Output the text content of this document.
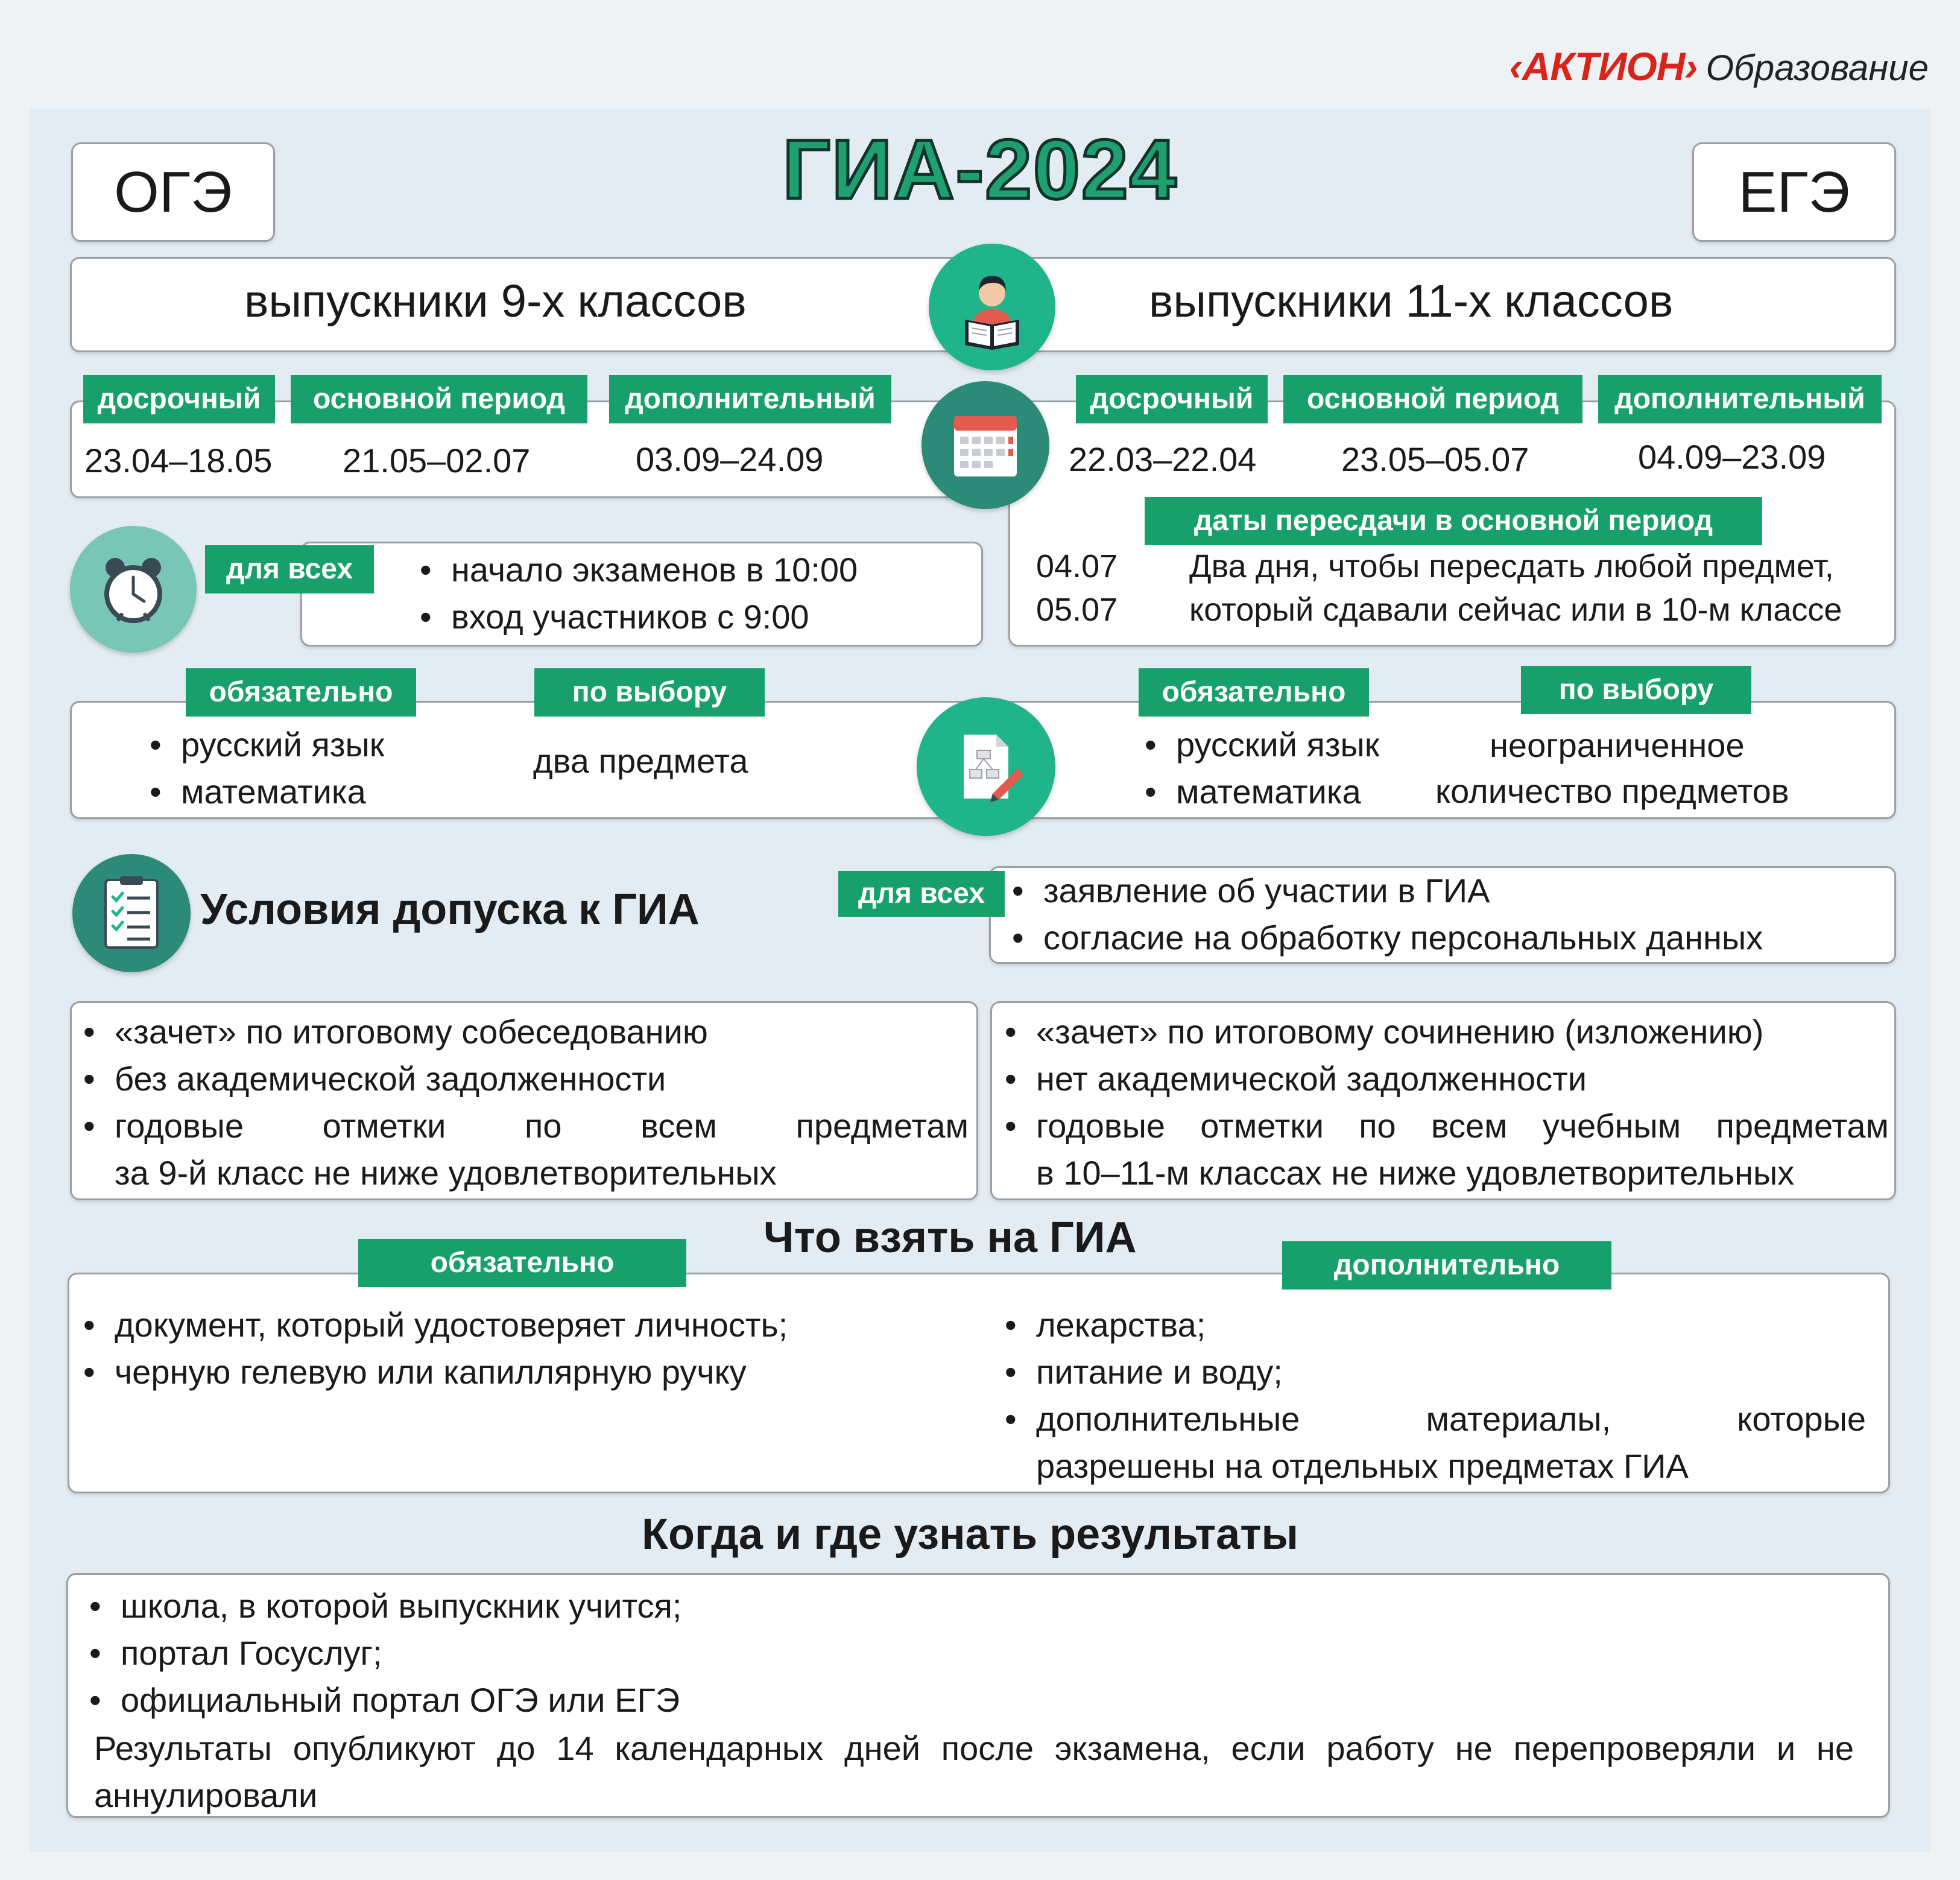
‹АКТИОН› Образование
ГИА-2024
ОГЭ	ЕГЭ
выпускники 9-х классов	выпускники 11-х классов
досрочный	основной период	дополнительный
23.04–18.05 21.05–02.07	03.09–24.09
досрочный	основной период	дополнительный
22.03–22.04	23.05–05.07	04.09–23.09
даты пересдачи в основной период
04.07
05.07
Два дня, чтобы пересдать любой предмет,
который сдавали сейчас или в 10-м классе
для всех	• начало экзаменов в 10:00
• вход участников с 9:00
обязательно	по выбору
• русский язык
• математика
два предмета
обязательно	по выбору
• русский язык
• математика
неограниченное
количество предметов
Условия допуска к ГИА	для всех	• заявление об участии в ГИА
• согласие на обработку персональных данных
• «зачет» по итоговому собеседованию
• без академической задолженности
• годовые отметки по всем предметам
за 9-й класс не ниже удовлетворительных
• «зачет» по итоговому сочинению (изложению)
• нет академической задолженности
• годовые отметки по всем учебным предметам
в 10–11-м классах не ниже удовлетворительных
Что взять на ГИА
обязательно	дополнительно
• документ, который удостоверяет личность;
• черную гелевую или капиллярную ручку
• лекарства;
• питание и воду;
• дополнительные материалы, которые
разрешены на отдельных предметах ГИА
Когда и где узнать результаты
• школа, в которой выпускник учится;
• портал Госуслуг;
• официальный портал ОГЭ или ЕГЭ
Результаты опубликуют до 14 календарных дней после экзамена, если работу не перепроверяли и не аннулировали
